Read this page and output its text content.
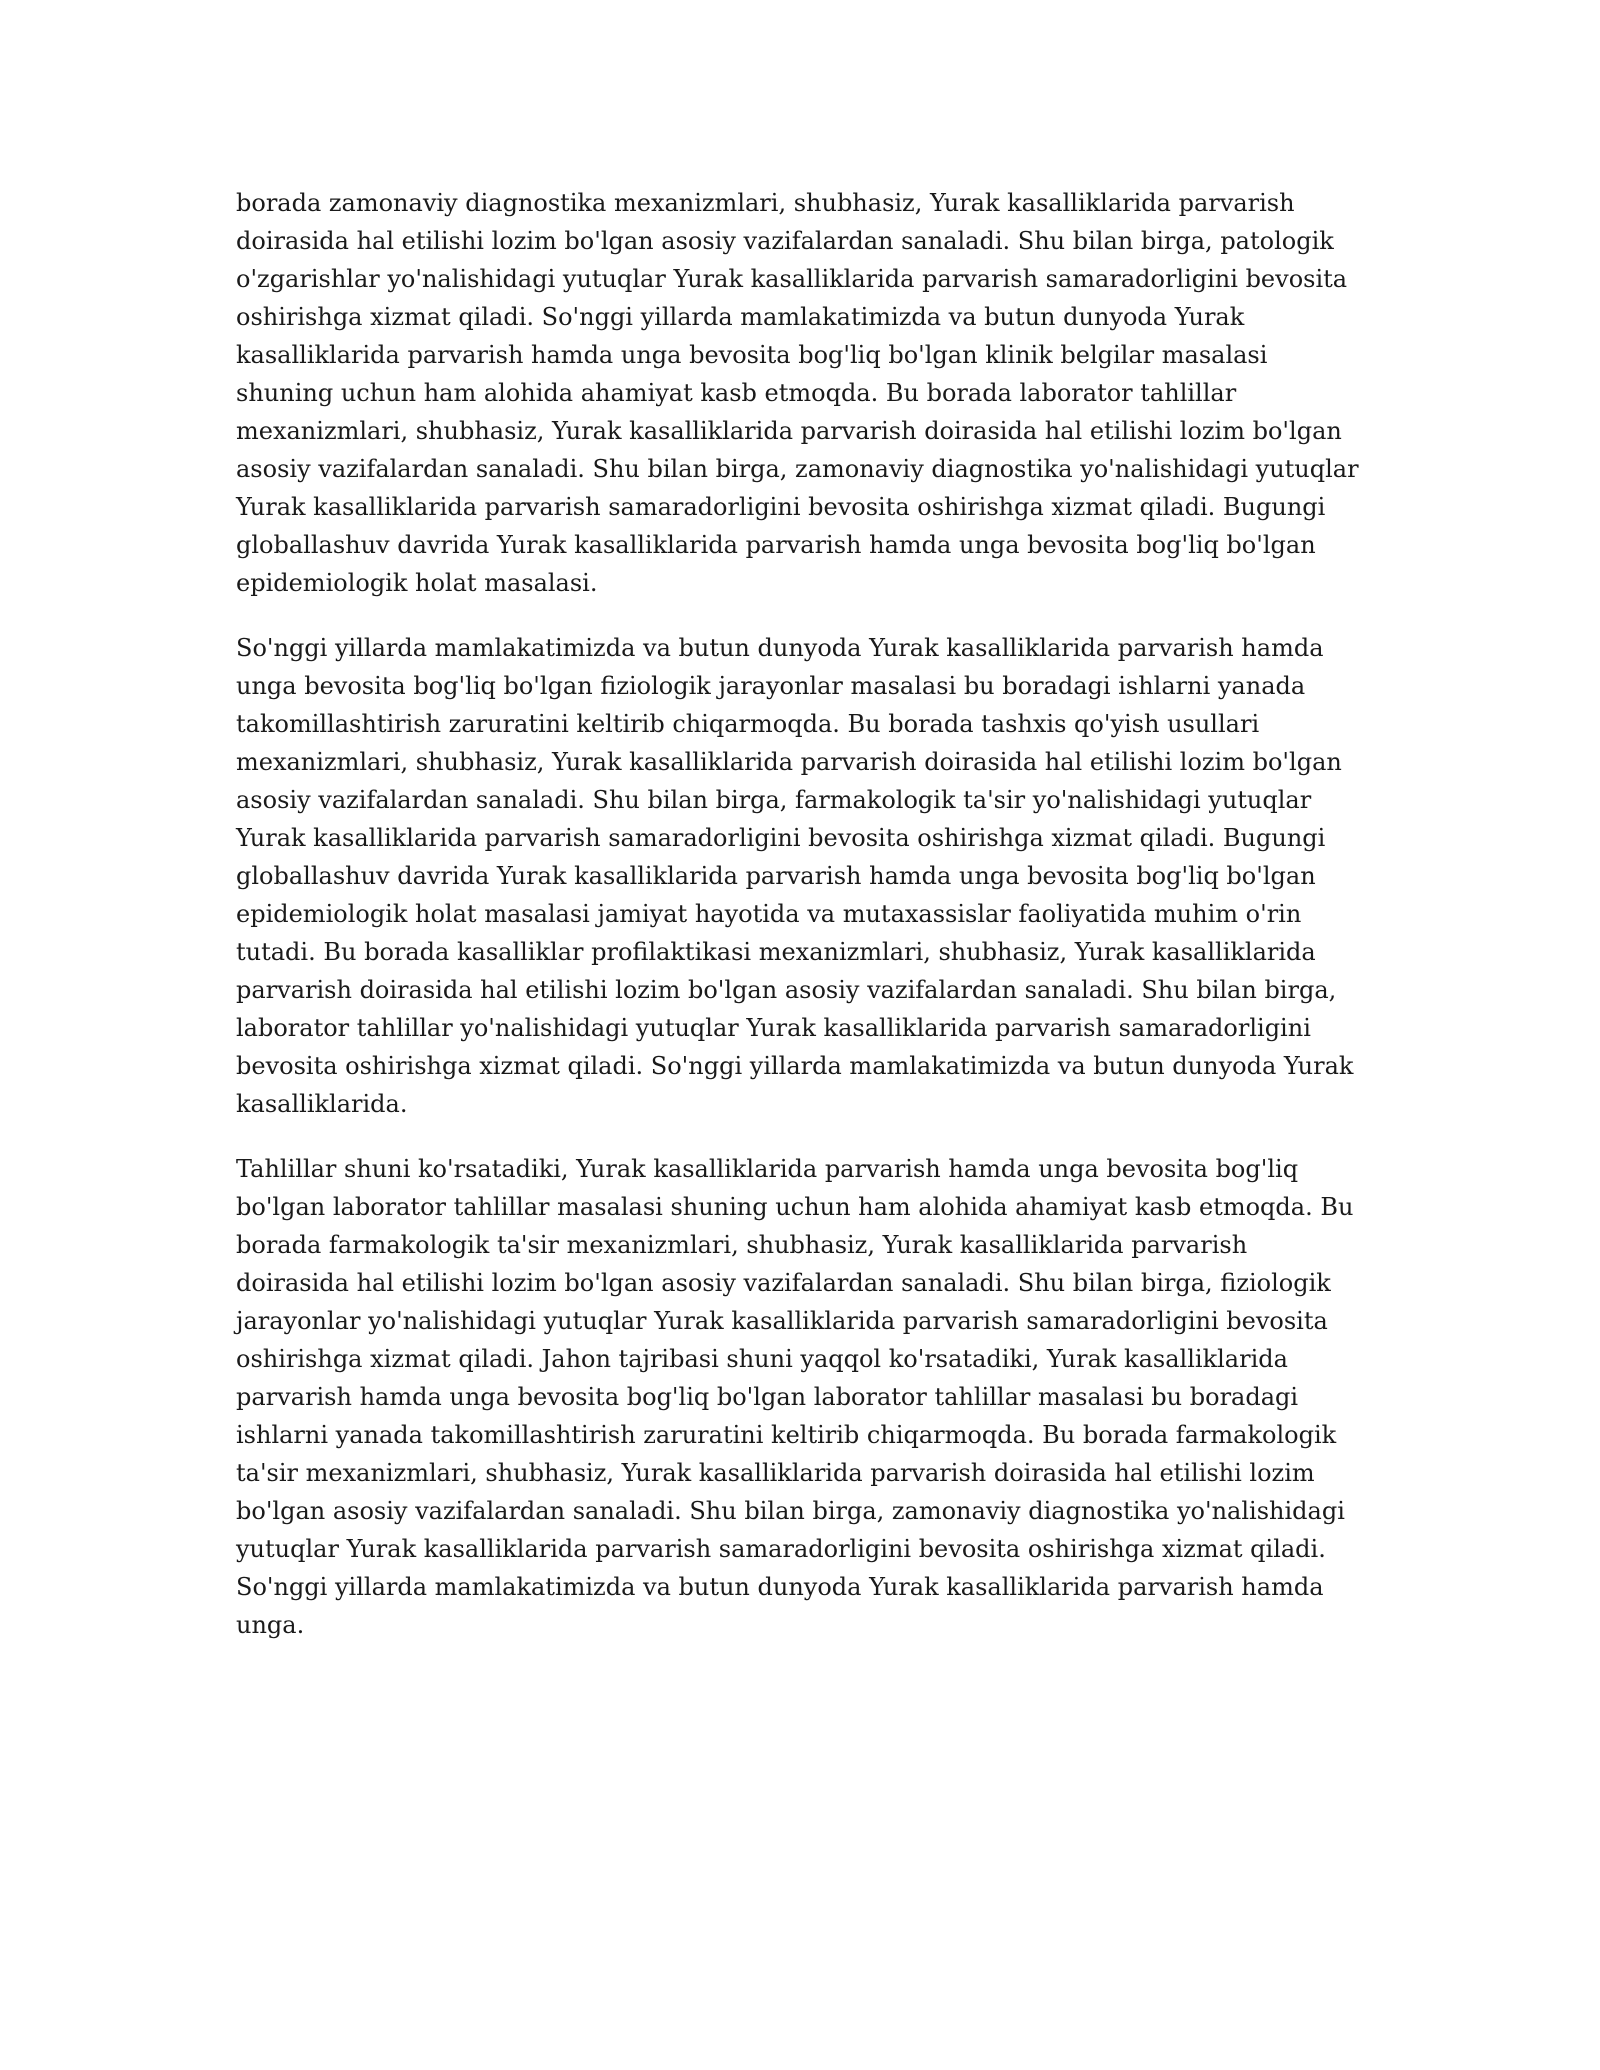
borada zamonaviy diagnostika mexanizmlari, shubhasiz, Yurak kasalliklarida parvarish doirasida hal etilishi lozim bo'lgan asosiy vazifalardan sanaladi. Shu bilan birga, patologik o'zgarishlar yo'nalishidagi yutuqlar Yurak kasalliklarida parvarish samaradorligini bevosita oshirishga xizmat qiladi. So'nggi yillarda mamlakatimizda va butun dunyoda Yurak kasalliklarida parvarish hamda unga bevosita bog'liq bo'lgan klinik belgilar masalasi shuning uchun ham alohida ahamiyat kasb etmoqda. Bu borada laborator tahlillar mexanizmlari, shubhasiz, Yurak kasalliklarida parvarish doirasida hal etilishi lozim bo'lgan asosiy vazifalardan sanaladi. Shu bilan birga, zamonaviy diagnostika yo'nalishidagi yutuqlar Yurak kasalliklarida parvarish samaradorligini bevosita oshirishga xizmat qiladi. Bugungi globallashuv davrida Yurak kasalliklarida parvarish hamda unga bevosita bog'liq bo'lgan epidemiologik holat masalasi.

So'nggi yillarda mamlakatimizda va butun dunyoda Yurak kasalliklarida parvarish hamda unga bevosita bog'liq bo'lgan fiziologik jarayonlar masalasi bu boradagi ishlarni yanada takomillashtirish zaruratini keltirib chiqarmoqda. Bu borada tashxis qo'yish usullari mexanizmlari, shubhasiz, Yurak kasalliklarida parvarish doirasida hal etilishi lozim bo'lgan asosiy vazifalardan sanaladi. Shu bilan birga, farmakologik ta'sir yo'nalishidagi yutuqlar Yurak kasalliklarida parvarish samaradorligini bevosita oshirishga xizmat qiladi. Bugungi globallashuv davrida Yurak kasalliklarida parvarish hamda unga bevosita bog'liq bo'lgan epidemiologik holat masalasi jamiyat hayotida va mutaxassislar faoliyatida muhim o'rin tutadi. Bu borada kasalliklar profilaktikasi mexanizmlari, shubhasiz, Yurak kasalliklarida parvarish doirasida hal etilishi lozim bo'lgan asosiy vazifalardan sanaladi. Shu bilan birga, laborator tahlillar yo'nalishidagi yutuqlar Yurak kasalliklarida parvarish samaradorligini bevosita oshirishga xizmat qiladi. So'nggi yillarda mamlakatimizda va butun dunyoda Yurak kasalliklarida.

Tahlillar shuni ko'rsatadiki, Yurak kasalliklarida parvarish hamda unga bevosita bog'liq bo'lgan laborator tahlillar masalasi shuning uchun ham alohida ahamiyat kasb etmoqda. Bu borada farmakologik ta'sir mexanizmlari, shubhasiz, Yurak kasalliklarida parvarish doirasida hal etilishi lozim bo'lgan asosiy vazifalardan sanaladi. Shu bilan birga, fiziologik jarayonlar yo'nalishidagi yutuqlar Yurak kasalliklarida parvarish samaradorligini bevosita oshirishga xizmat qiladi. Jahon tajribasi shuni yaqqol ko'rsatadiki, Yurak kasalliklarida parvarish hamda unga bevosita bog'liq bo'lgan laborator tahlillar masalasi bu boradagi ishlarni yanada takomillashtirish zaruratini keltirib chiqarmoqda. Bu borada farmakologik ta'sir mexanizmlari, shubhasiz, Yurak kasalliklarida parvarish doirasida hal etilishi lozim bo'lgan asosiy vazifalardan sanaladi. Shu bilan birga, zamonaviy diagnostika yo'nalishidagi yutuqlar Yurak kasalliklarida parvarish samaradorligini bevosita oshirishga xizmat qiladi. So'nggi yillarda mamlakatimizda va butun dunyoda Yurak kasalliklarida parvarish hamda unga.
